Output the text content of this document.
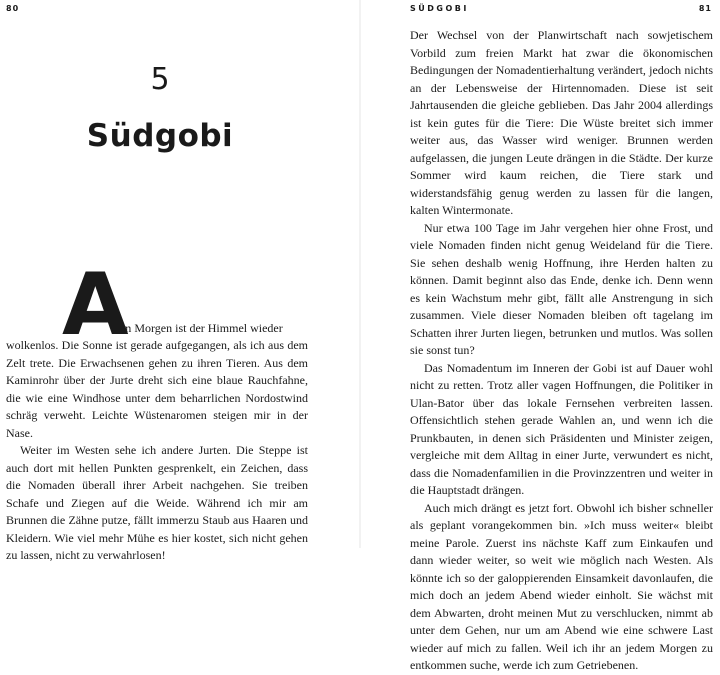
80	SÜDGOBI	81
5
Südgobi
A

m Morgen ist der Himmel wieder

wolkenlos. Die Sonne ist gerade aufgegangen, als ich aus dem Zelt trete. Die Erwachsenen gehen zu ihren Tieren. Aus dem Kaminrohr über der Jurte dreht sich eine blaue Rauchfahne, die wie eine Windhose unter dem beharrlichen Nordostwind schräg verweht. Leichte Wüstenaromen steigen mir in der Nase.

Weiter im Westen sehe ich andere Jurten. Die Steppe ist auch dort mit hellen Punkten gesprenkelt, ein Zeichen, dass die Nomaden überall ihrer Arbeit nachgehen. Sie treiben Schafe und Ziegen auf die Weide. Während ich mir am Brunnen die Zähne putze, fällt immerzu Staub aus Haaren und Kleidern. Wie viel mehr Mühe es hier kostet, sich nicht gehen zu lassen, nicht zu verwahrlosen!

Der Wechsel von der Planwirtschaft nach sowjetischem Vorbild zum freien Markt hat zwar die ökonomischen Bedingungen der Nomadentierhaltung verändert, jedoch nichts an der Lebensweise der Hirtennomaden. Diese ist seit Jahrtausenden die gleiche geblieben. Das Jahr 2004 allerdings ist kein gutes für die Tiere: Die Wüste breitet sich immer weiter aus, das Wasser wird weniger. Brunnen werden aufgelassen, die jungen Leute drängen in die Städte. Der kurze Sommer wird kaum reichen, die Tiere stark und widerstandsfähig genug werden zu lassen für die langen, kalten Wintermonate.

Nur etwa 100 Tage im Jahr vergehen hier ohne Frost, und viele Nomaden finden nicht genug Weideland für die Tiere. Sie sehen deshalb wenig Hoffnung, ihre Herden halten zu können. Damit beginnt also das Ende, denke ich. Denn wenn es kein Wachstum mehr gibt, fällt alle Anstrengung in sich zusammen. Viele dieser Nomaden bleiben oft tagelang im Schatten ihrer Jurten liegen, betrunken und mutlos. Was sollen sie sonst tun?

Das Nomadentum im Inneren der Gobi ist auf Dauer wohl nicht zu retten. Trotz aller vagen Hoffnungen, die Politiker in Ulan-Bator über das lokale Fernsehen verbreiten lassen. Offensichtlich stehen gerade Wahlen an, und wenn ich die Prunkbauten, in denen sich Präsidenten und Minister zeigen, vergleiche mit dem Alltag in einer Jurte, verwundert es nicht, dass die Nomadenfamilien in die Provinzzentren und weiter in die Hauptstadt drängen.

Auch mich drängt es jetzt fort. Obwohl ich bisher schneller als geplant vorangekommen bin. »Ich muss weiter« bleibt meine Parole. Zuerst ins nächste Kaff zum Einkaufen und dann wieder weiter, so weit wie möglich nach Westen. Als könnte ich so der galoppierenden Einsamkeit davonlaufen, die mich doch an jedem Abend wieder einholt. Sie wächst mit dem Abwarten, droht meinen Mut zu verschlucken, nimmt ab unter dem Gehen, nur um am Abend wie eine schwere Last wieder auf mich zu fallen. Weil ich ihr an jedem Morgen zu entkommen suche, werde ich zum Getriebenen.
